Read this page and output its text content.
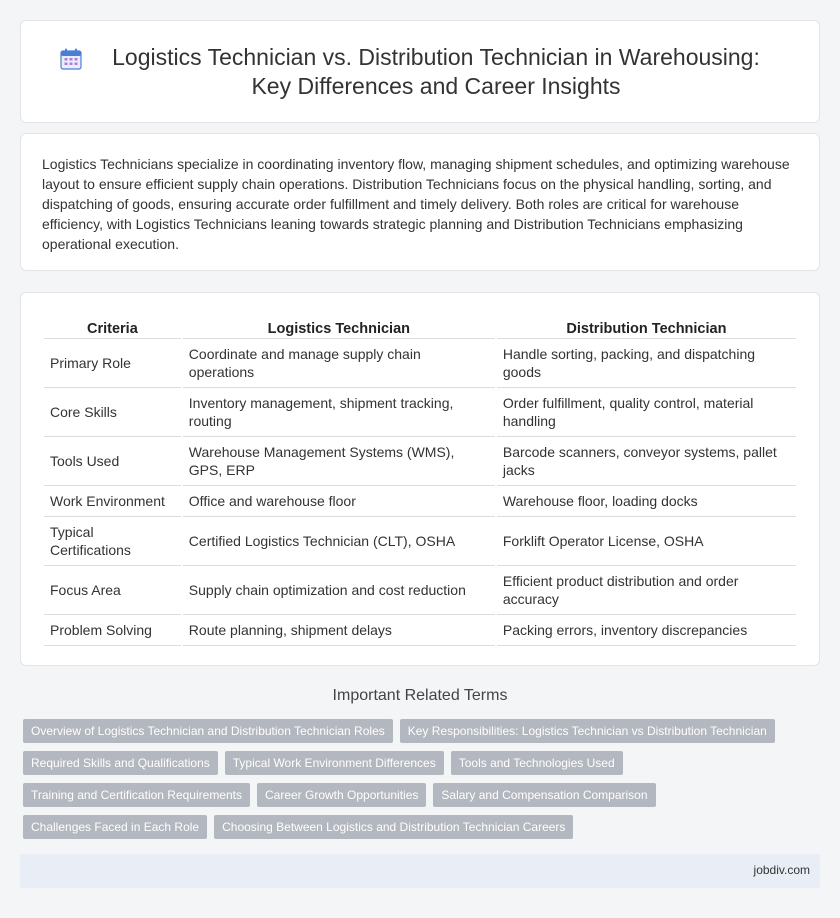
Logistics Technician vs. Distribution Technician in Warehousing: Key Differences and Career Insights

Logistics Technicians specialize in coordinating inventory flow, managing shipment schedules, and optimizing warehouse layout to ensure efficient supply chain operations. Distribution Technicians focus on the physical handling, sorting, and dispatching of goods, ensuring accurate order fulfillment and timely delivery. Both roles are critical for warehouse efficiency, with Logistics Technicians leaning towards strategic planning and Distribution Technicians emphasizing operational execution.

Criteria	Logistics Technician	Distribution Technician
Primary Role	Coordinate and manage supply chain operations	Handle sorting, packing, and dispatching goods
Core Skills	Inventory management, shipment tracking, routing	Order fulfillment, quality control, material handling
Tools Used	Warehouse Management Systems (WMS), GPS, ERP	Barcode scanners, conveyor systems, pallet jacks
Work Environment	Office and warehouse floor	Warehouse floor, loading docks
Typical Certifications	Certified Logistics Technician (CLT), OSHA	Forklift Operator License, OSHA
Focus Area	Supply chain optimization and cost reduction	Efficient product distribution and order accuracy
Problem Solving	Route planning, shipment delays	Packing errors, inventory discrepancies
Important Related Terms
Overview of Logistics Technician and Distribution Technician Roles	Key Responsibilities: Logistics Technician vs Distribution Technician
Required Skills and Qualifications	Typical Work Environment Differences	Tools and Technologies Used
Training and Certification Requirements	Career Growth Opportunities	Salary and Compensation Comparison
Challenges Faced in Each Role	Choosing Between Logistics and Distribution Technician Careers
jobdiv.com
